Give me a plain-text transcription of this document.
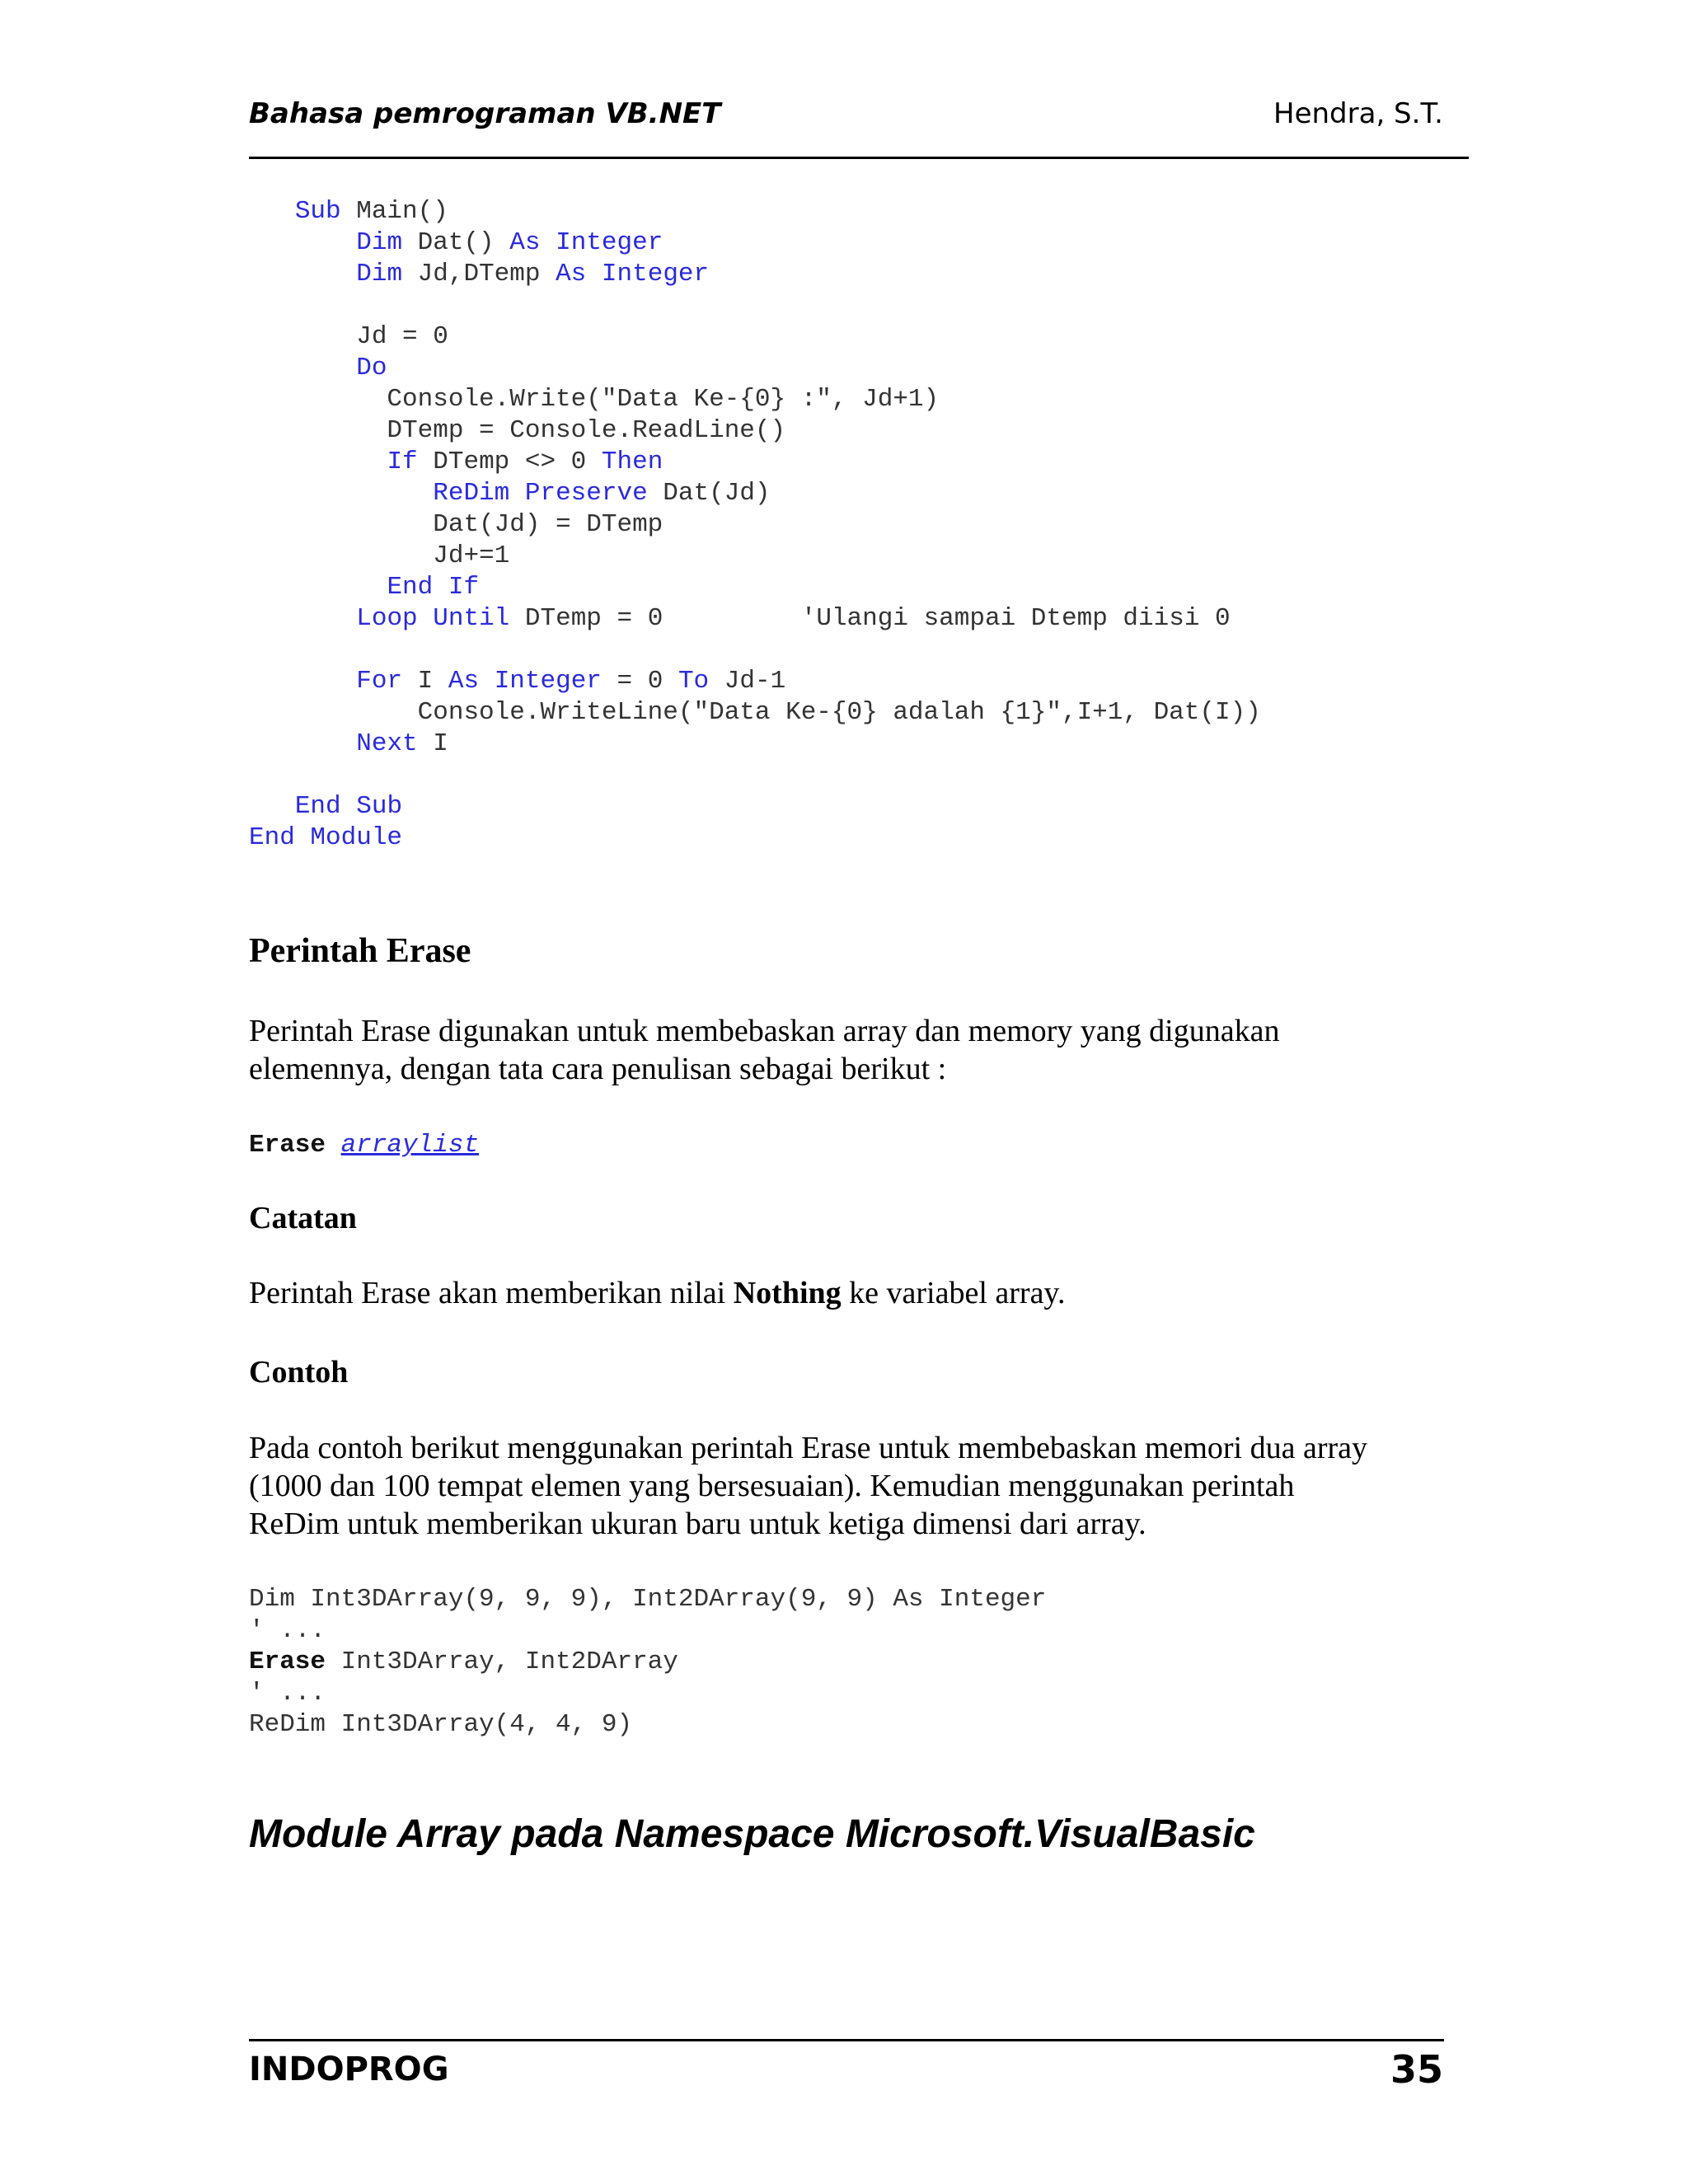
Bahasa pemrograman VB.NET	Hendra, S.T.
Sub Main()
Dim Dat() As Integer
Dim Jd,DTemp As Integer

Jd = 0
Do
Console.Write("Data Ke-{0} :", Jd+1)
DTemp = Console.ReadLine()
If DTemp <> 0 Then
ReDim Preserve Dat(Jd)
Dat(Jd) = DTemp
Jd+=1
End If
Loop Until DTemp = 0         'Ulangi sampai Dtemp diisi 0

For I As Integer = 0 To Jd-1
Console.WriteLine("Data Ke-{0} adalah {1}",I+1, Dat(I))
Next I

End Sub
End Module
Perintah Erase
Perintah Erase digunakan untuk membebaskan array dan memory yang digunakan
elemennya, dengan tata cara penulisan sebagai berikut :
Erase arraylist
Catatan
Perintah Erase akan memberikan nilai Nothing ke variabel array.
Contoh
Pada contoh berikut menggunakan perintah Erase untuk membebaskan memori dua array
(1000 dan 100 tempat elemen yang bersesuaian). Kemudian menggunakan perintah
ReDim untuk memberikan ukuran baru untuk ketiga dimensi dari array.
Dim Int3DArray(9, 9, 9), Int2DArray(9, 9) As Integer
' ...
Erase Int3DArray, Int2DArray
' ...
ReDim Int3DArray(4, 4, 9)
Module Array pada Namespace Microsoft.VisualBasic
INDOPROG	35
